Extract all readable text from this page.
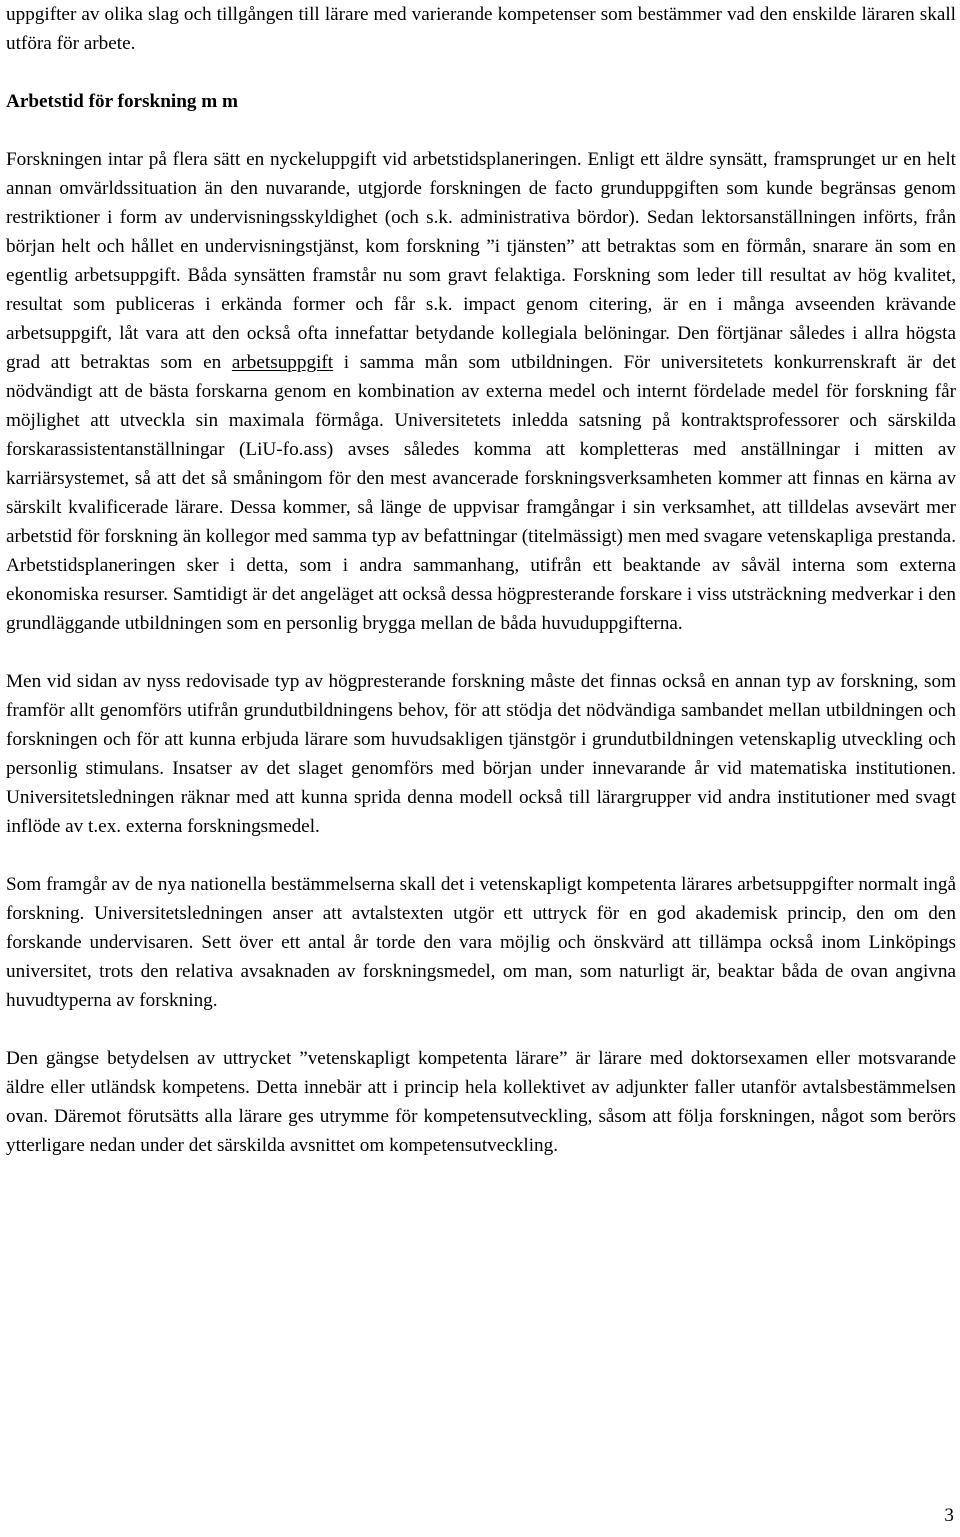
uppgifter av olika slag och tillgången till lärare med varierande kompetenser som bestämmer vad den enskilde läraren skall utföra för arbete.

Arbetstid för forskning m m

Forskningen intar på flera sätt en nyckeluppgift vid arbetstidsplaneringen. Enligt ett äldre synsätt, framsprunget ur en helt annan omvärldssituation än den nuvarande, utgjorde forskningen de facto grunduppgiften som kunde begränsas genom restriktioner i form av undervisningsskyldighet (och s.k. administrativa bördor). Sedan lektorsanställningen införts, från början helt och hållet en undervisningstjänst, kom forskning ”i tjänsten” att betraktas som en förmån, snarare än som en egentlig arbetsuppgift. Båda synsätten framstår nu som gravt felaktiga. Forskning som leder till resultat av hög kvalitet, resultat som publiceras i erkända former och får s.k. impact genom citering, är en i många avseenden krävande arbetsuppgift, låt vara att den också ofta innefattar betydande kollegiala belöningar. Den förtjänar således i allra högsta grad att betraktas som en arbetsuppgift i samma mån som utbildningen. För universitetets konkurrenskraft är det nödvändigt att de bästa forskarna genom en kombination av externa medel och internt fördelade medel för forskning får möjlighet att utveckla sin maximala förmåga. Universitetets inledda satsning på kontraktsprofessorer och särskilda forskarassistentanställningar (LiU-fo.ass) avses således komma att kompletteras med anställningar i mitten av karriärsystemet, så att det så småningom för den mest avancerade forskningsverksamheten kommer att finnas en kärna av särskilt kvalificerade lärare. Dessa kommer, så länge de uppvisar framgångar i sin verksamhet, att tilldelas avsevärt mer arbetstid för forskning än kollegor med samma typ av befattningar (titelmässigt) men med svagare vetenskapliga prestanda. Arbetstidsplaneringen sker i detta, som i andra sammanhang, utifrån ett beaktande av såväl interna som externa ekonomiska resurser. Samtidigt är det angeläget att också dessa högpresterande forskare i viss utsträckning medverkar i den grundläggande utbildningen som en personlig brygga mellan de båda huvuduppgifterna.

Men vid sidan av nyss redovisade typ av högpresterande forskning måste det finnas också en annan typ av forskning, som framför allt genomförs utifrån grundutbildningens behov, för att stödja det nödvändiga sambandet mellan utbildningen och forskningen och för att kunna erbjuda lärare som huvudsakligen tjänstgör i grundutbildningen vetenskaplig utveckling och personlig stimulans. Insatser av det slaget genomförs med början under innevarande år vid matematiska institutionen. Universitetsledningen räknar med att kunna sprida denna modell också till lärargrupper vid andra institutioner med svagt inflöde av t.ex. externa forskningsmedel.

Som framgår av de nya nationella bestämmelserna skall det i vetenskapligt kompetenta lärares arbetsuppgifter normalt ingå forskning. Universitetsledningen anser att avtalstexten utgör ett uttryck för en god akademisk princip, den om den forskande undervisaren. Sett över ett antal år torde den vara möjlig och önskvärd att tillämpa också inom Linköpings universitet, trots den relativa avsaknaden av forskningsmedel, om man, som naturligt är, beaktar båda de ovan angivna huvudtyperna av forskning.

Den gängse betydelsen av uttrycket ”vetenskapligt kompetenta lärare” är lärare med doktorsexamen eller motsvarande äldre eller utländsk kompetens. Detta innebär att i princip hela kollektivet av adjunkter faller utanför avtalsbestämmelsen ovan. Däremot förutsätts alla lärare ges utrymme för kompetensutveckling, såsom att följa forskningen, något som berörs ytterligare nedan under det särskilda avsnittet om kompetensutveckling.

3
